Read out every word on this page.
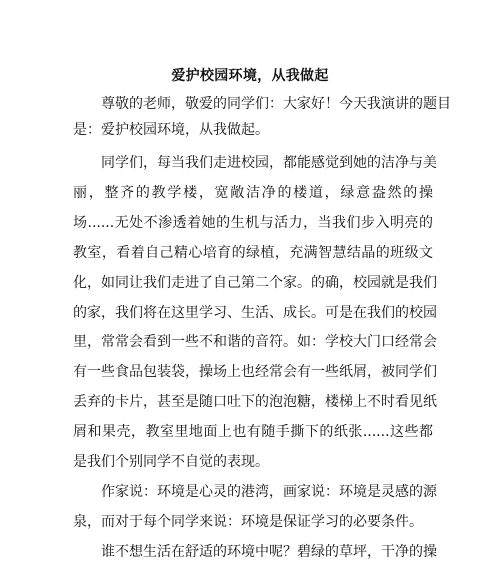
爱护校园环境，从我做起
尊敬的老师，敬爱的同学们：大家好！今天我演讲的题目
是：爱护校园环境，从我做起。
同学们，每当我们走进校园，都能感觉到她的洁净与美
丽，整齐的教学楼，宽敞洁净的楼道，绿意盎然的操
场......无处不渗透着她的生机与活力，当我们步入明亮的
教室，看着自己精心培育的绿植，充满智慧结晶的班级文
化，如同让我们走进了自己第二个家。的确，校园就是我们
的家，我们将在这里学习、生活、成长。可是在我们的校园
里，常常会看到一些不和谐的音符。如：学校大门口经常会
有一些食品包装袋，操场上也经常会有一些纸屑，被同学们
丢弃的卡片，甚至是随口吐下的泡泡糖，楼梯上不时看见纸
屑和果壳，教室里地面上也有随手撕下的纸张......这些都
是我们个别同学不自觉的表现。
作家说：环境是心灵的港湾，画家说：环境是灵感的源
泉，而对于每个同学来说：环境是保证学习的必要条件。
谁不想生活在舒适的环境中呢？碧绿的草坪，干净的操
